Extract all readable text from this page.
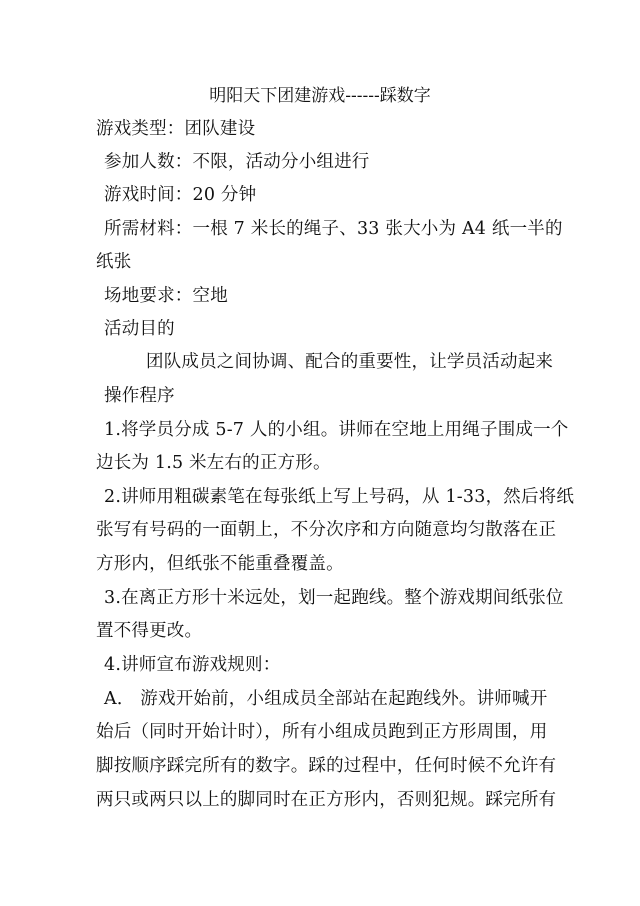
明阳天下团建游戏------踩数字
游戏类型：团队建设
参加人数：不限，活动分小组进行
游戏时间：20 分钟
所需材料：一根 7 米长的绳子、33 张大小为 A4 纸一半的
纸张
场地要求：空地
活动目的
团队成员之间协调、配合的重要性，让学员活动起来
操作程序
1.将学员分成 5-7 人的小组。讲师在空地上用绳子围成一个
边长为 1.5 米左右的正方形。
2.讲师用粗碳素笔在每张纸上写上号码，从 1-33，然后将纸
张写有号码的一面朝上，不分次序和方向随意均匀散落在正
方形内，但纸张不能重叠覆盖。
3.在离正方形十米远处，划一起跑线。整个游戏期间纸张位
置不得更改。
4.讲师宣布游戏规则：
A． 游戏开始前，小组成员全部站在起跑线外。讲师喊开
始后（同时开始计时），所有小组成员跑到正方形周围，用
脚按顺序踩完所有的数字。踩的过程中，任何时候不允许有
两只或两只以上的脚同时在正方形内，否则犯规。踩完所有
